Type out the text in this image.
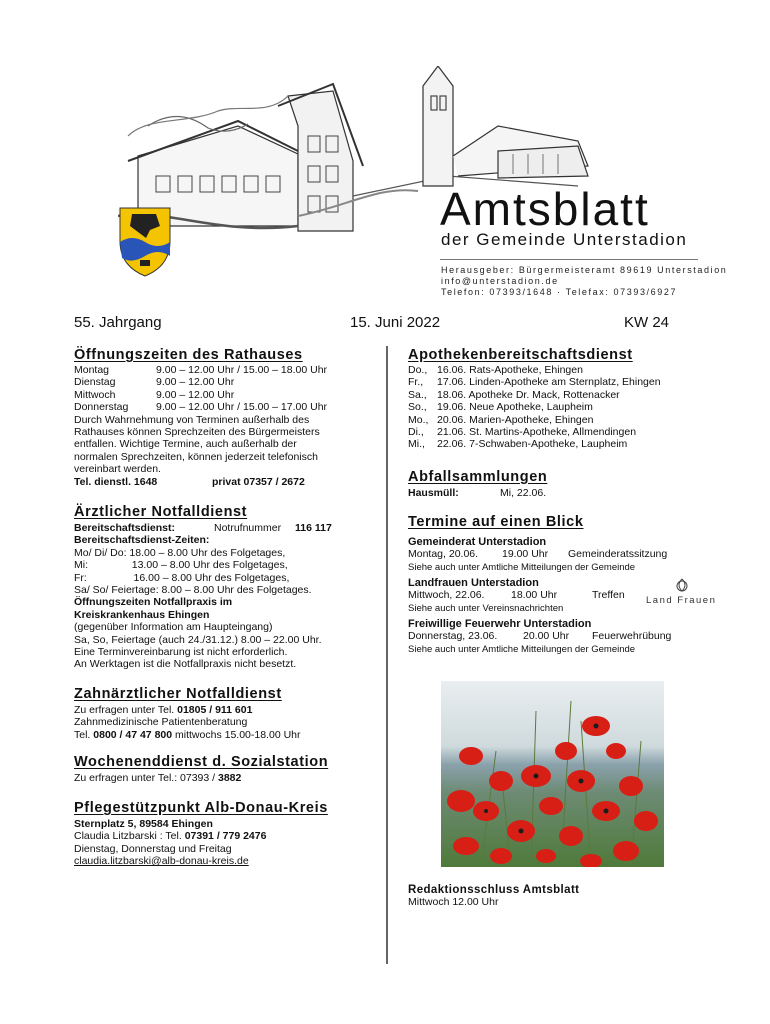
Amtsblatt
der Gemeinde Unterstadion
Herausgeber: Bürgermeisteramt 89619 Unterstadion
info@unterstadion.de
Telefon: 07393/1648 · Telefax: 07393/6927
55. Jahrgang	15. Juni 2022	KW 24
Öffnungszeiten des Rathauses
Montag	9.00 – 12.00 Uhr / 15.00 – 18.00 Uhr
Dienstag	9.00 – 12.00 Uhr
Mittwoch	9.00 – 12.00 Uhr
Donnerstag	9.00 – 12.00 Uhr / 15.00 – 17.00 Uhr
Durch Wahrnehmung von Terminen außerhalb des
Rathauses können Sprechzeiten des Bürgermeisters
entfallen. Wichtige Termine, auch außerhalb der
normalen Sprechzeiten, können jederzeit telefonisch
vereinbart werden.
Tel. dienstl. 1648	privat 07357 / 2672
Ärztlicher Notfalldienst
Bereitschaftsdienst:	Notrufnummer 116 117
Bereitschaftsdienst-Zeiten:
Mo/ Di/ Do: 18.00 – 8.00 Uhr des Folgetages,
Mi:               13.00 – 8.00 Uhr des Folgetages,
Fr:                16.00 – 8.00 Uhr des Folgetages,
Sa/ So/ Feiertage: 8.00 – 8.00 Uhr des Folgetages.
Öffnungszeiten Notfallpraxis im
Kreiskrankenhaus Ehingen
(gegenüber Information am Haupteingang)
Sa, So, Feiertage (auch 24./31.12.) 8.00 – 22.00 Uhr.
Eine Terminvereinbarung ist nicht erforderlich.
An Werktagen ist die Notfallpraxis nicht besetzt.
Zahnärztlicher Notfalldienst
Zu erfragen unter Tel. 01805 / 911 601
Zahnmedizinische Patientenberatung
Tel. 0800 / 47 47 800 mittwochs 15.00-18.00 Uhr
Wochenenddienst d. Sozialstation
Zu erfragen unter Tel.: 07393 / 3882
Pflegestützpunkt Alb-Donau-Kreis
Sternplatz 5, 89584 Ehingen
Claudia Litzbarski : Tel. 07391 / 779 2476
Dienstag, Donnerstag und Freitag
claudia.litzbarski@alb-donau-kreis.de
Apothekenbereitschaftsdienst
Do., 16.06. Rats-Apotheke, Ehingen
Fr., 17.06. Linden-Apotheke am Sternplatz, Ehingen
Sa., 18.06. Apotheke Dr. Mack, Rottenacker
So., 19.06. Neue Apotheke, Laupheim
Mo., 20.06. Marien-Apotheke, Ehingen
Di., 21.06. St. Martins-Apotheke, Allmendingen
Mi., 22.06. 7-Schwaben-Apotheke, Laupheim
Abfallsammlungen
Hausmüll:	Mi, 22.06.
Termine auf einen Blick
Gemeinderat Unterstadion
Montag, 20.06. 19.00 Uhr Gemeinderatssitzung
Siehe auch unter Amtliche Mitteilungen der Gemeinde
Landfrauen Unterstadion
Mittwoch, 22.06.	18.00 Uhr	Treffen
Siehe auch unter Vereinsnachrichten
Land Frauen
Freiwillige Feuerwehr Unterstadion
Donnerstag, 23.06. 20.00 Uhr Feuerwehrübung
Siehe auch unter Amtliche Mitteilungen der Gemeinde
Redaktionsschluss Amtsblatt
Mittwoch 12.00 Uhr
